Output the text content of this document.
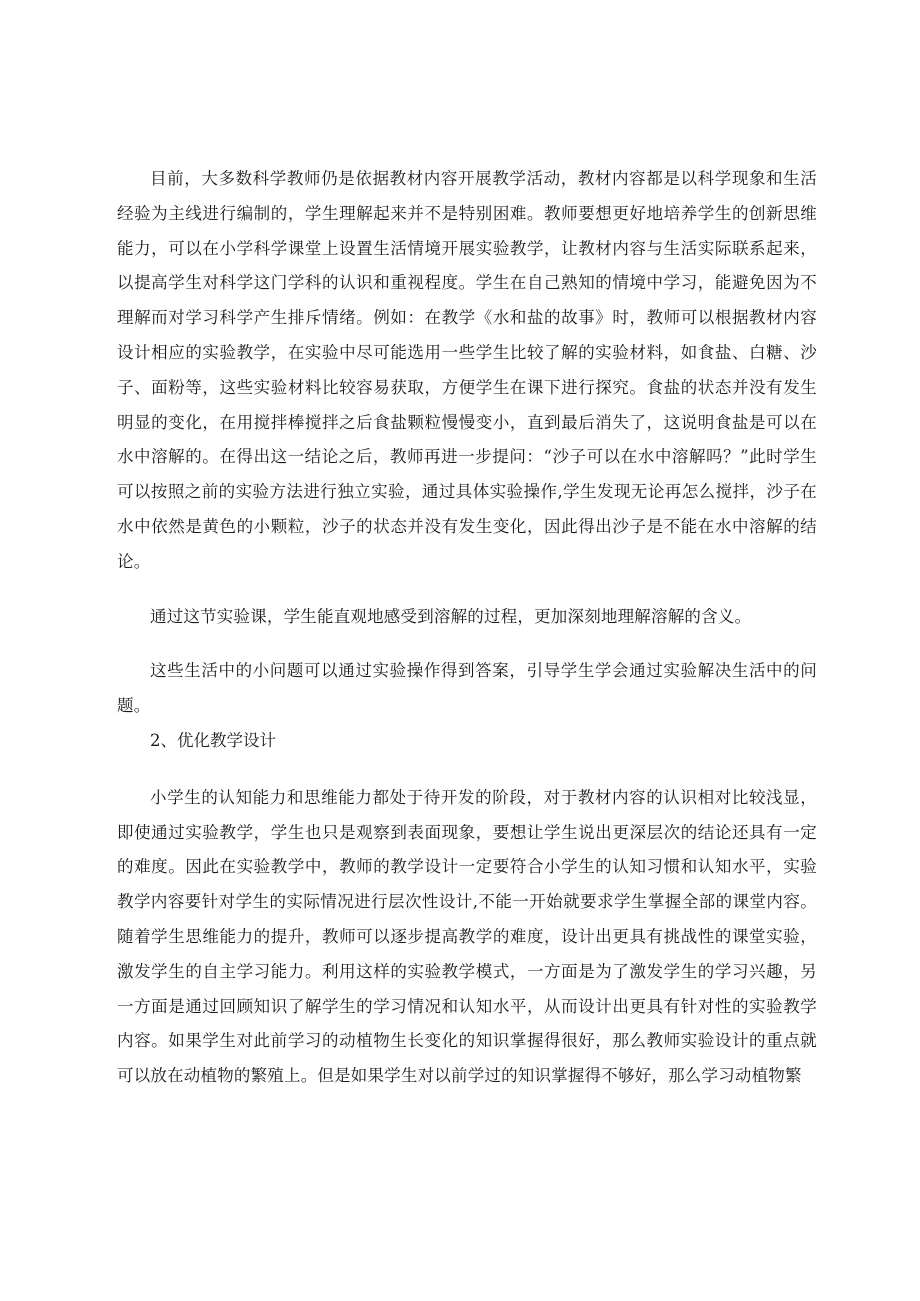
目前，大多数科学教师仍是依据教材内容开展教学活动，教材内容都是以科学现象和生活经验为主线进行编制的，学生理解起来并不是特别困难。教师要想更好地培养学生的创新思维能力，可以在小学科学课堂上设置生活情境开展实验教学，让教材内容与生活实际联系起来，以提高学生对科学这门学科的认识和重视程度。学生在自己熟知的情境中学习，能避免因为不理解而对学习科学产生排斥情绪。例如：在教学《水和盐的故事》时，教师可以根据教材内容设计相应的实验教学，在实验中尽可能选用一些学生比较了解的实验材料，如食盐、白糖、沙子、面粉等，这些实验材料比较容易获取，方便学生在课下进行探究。食盐的状态并没有发生明显的变化，在用搅拌棒搅拌之后食盐颗粒慢慢变小，直到最后消失了，这说明食盐是可以在水中溶解的。在得出这一结论之后，教师再进一步提问：“沙子可以在水中溶解吗？”此时学生可以按照之前的实验方法进行独立实验，通过具体实验操作,学生发现无论再怎么搅拌，沙子在水中依然是黄色的小颗粒，沙子的状态并没有发生变化，因此得出沙子是不能在水中溶解的结论。

通过这节实验课，学生能直观地感受到溶解的过程，更加深刻地理解溶解的含义。

这些生活中的小问题可以通过实验操作得到答案，引导学生学会通过实验解决生活中的问题。

2、优化教学设计

小学生的认知能力和思维能力都处于待开发的阶段，对于教材内容的认识相对比较浅显，即使通过实验教学，学生也只是观察到表面现象，要想让学生说出更深层次的结论还具有一定的难度。因此在实验教学中，教师的教学设计一定要符合小学生的认知习惯和认知水平，实验教学内容要针对学生的实际情况进行层次性设计,不能一开始就要求学生掌握全部的课堂内容。随着学生思维能力的提升，教师可以逐步提高教学的难度，设计出更具有挑战性的课堂实验，激发学生的自主学习能力。利用这样的实验教学模式，一方面是为了激发学生的学习兴趣，另一方面是通过回顾知识了解学生的学习情况和认知水平，从而设计出更具有针对性的实验教学内容。如果学生对此前学习的动植物生长变化的知识掌握得很好，那么教师实验设计的重点就可以放在动植物的繁殖上。但是如果学生对以前学过的知识掌握得不够好，那么学习动植物繁
